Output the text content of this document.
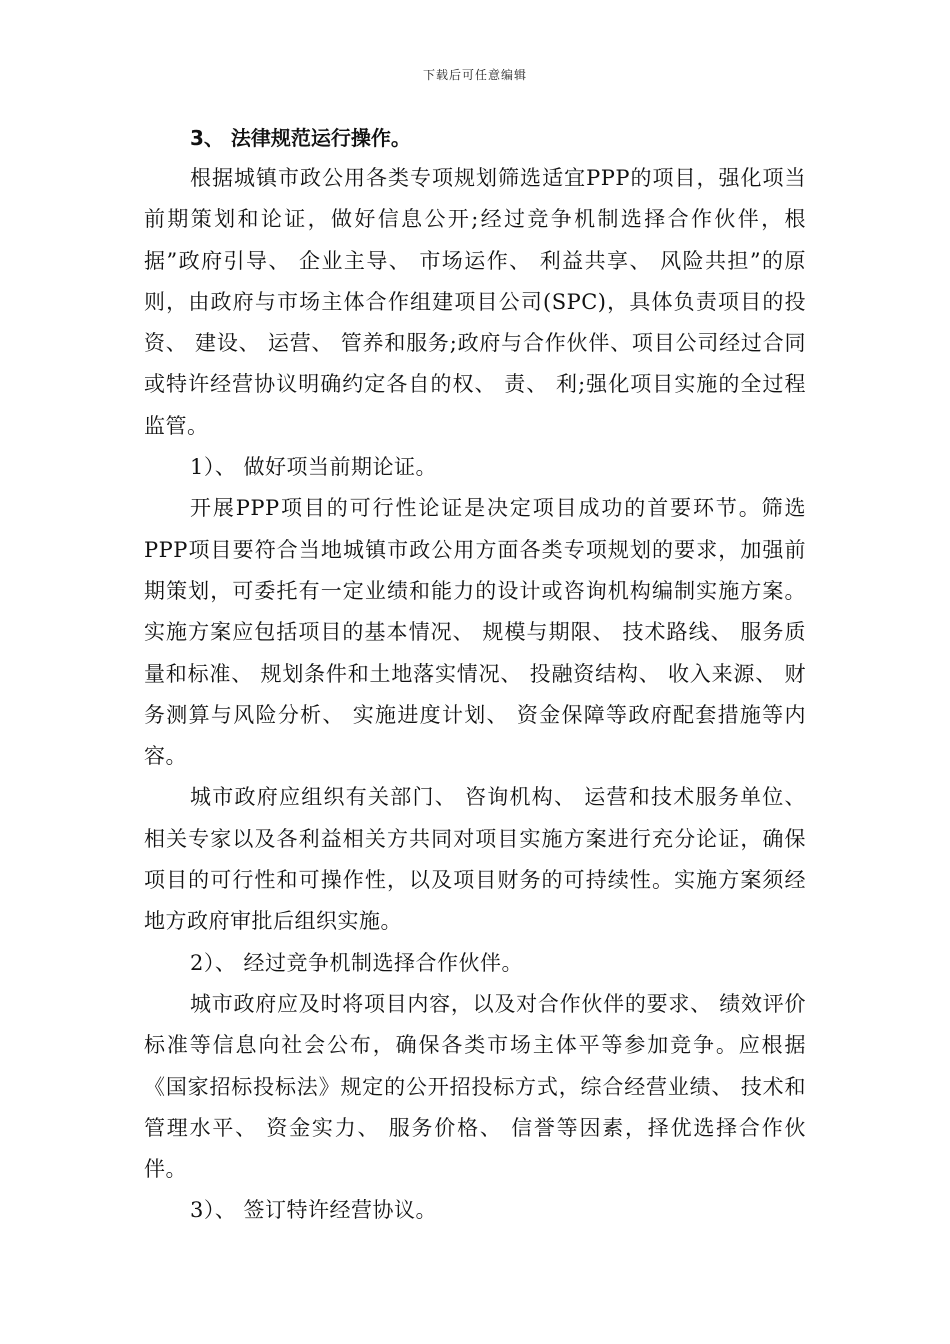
下载后可任意编辑

3、 法律规范运行操作。

根据城镇市政公用各类专项规划筛选适宜PPP的项目，强化项当前期策划和论证，做好信息公开;经过竞争机制选择合作伙伴，根据”政府引导、 企业主导、 市场运作、 利益共享、 风险共担”的原则，由政府与市场主体合作组建项目公司(SPC)，具体负责项目的投资、 建设、 运营、 管养和服务;政府与合作伙伴、项目公司经过合同或特许经营协议明确约定各自的权、 责、 利;强化项目实施的全过程监管。

1）、 做好项当前期论证。

开展PPP项目的可行性论证是决定项目成功的首要环节。筛选PPP项目要符合当地城镇市政公用方面各类专项规划的要求，加强前期策划，可委托有一定业绩和能力的设计或咨询机构编制实施方案。实施方案应包括项目的基本情况、 规模与期限、 技术路线、 服务质量和标准、 规划条件和土地落实情况、 投融资结构、 收入来源、 财务测算与风险分析、 实施进度计划、 资金保障等政府配套措施等内容。

城市政府应组织有关部门、 咨询机构、 运营和技术服务单位、 相关专家以及各利益相关方共同对项目实施方案进行充分论证，确保项目的可行性和可操作性，以及项目财务的可持续性。实施方案须经地方政府审批后组织实施。

2）、 经过竞争机制选择合作伙伴。

城市政府应及时将项目内容，以及对合作伙伴的要求、 绩效评价标准等信息向社会公布，确保各类市场主体平等参加竞争。应根据《国家招标投标法》规定的公开招投标方式，综合经营业绩、 技术和管理水平、 资金实力、 服务价格、 信誉等因素，择优选择合作伙伴。

3）、 签订特许经营协议。
